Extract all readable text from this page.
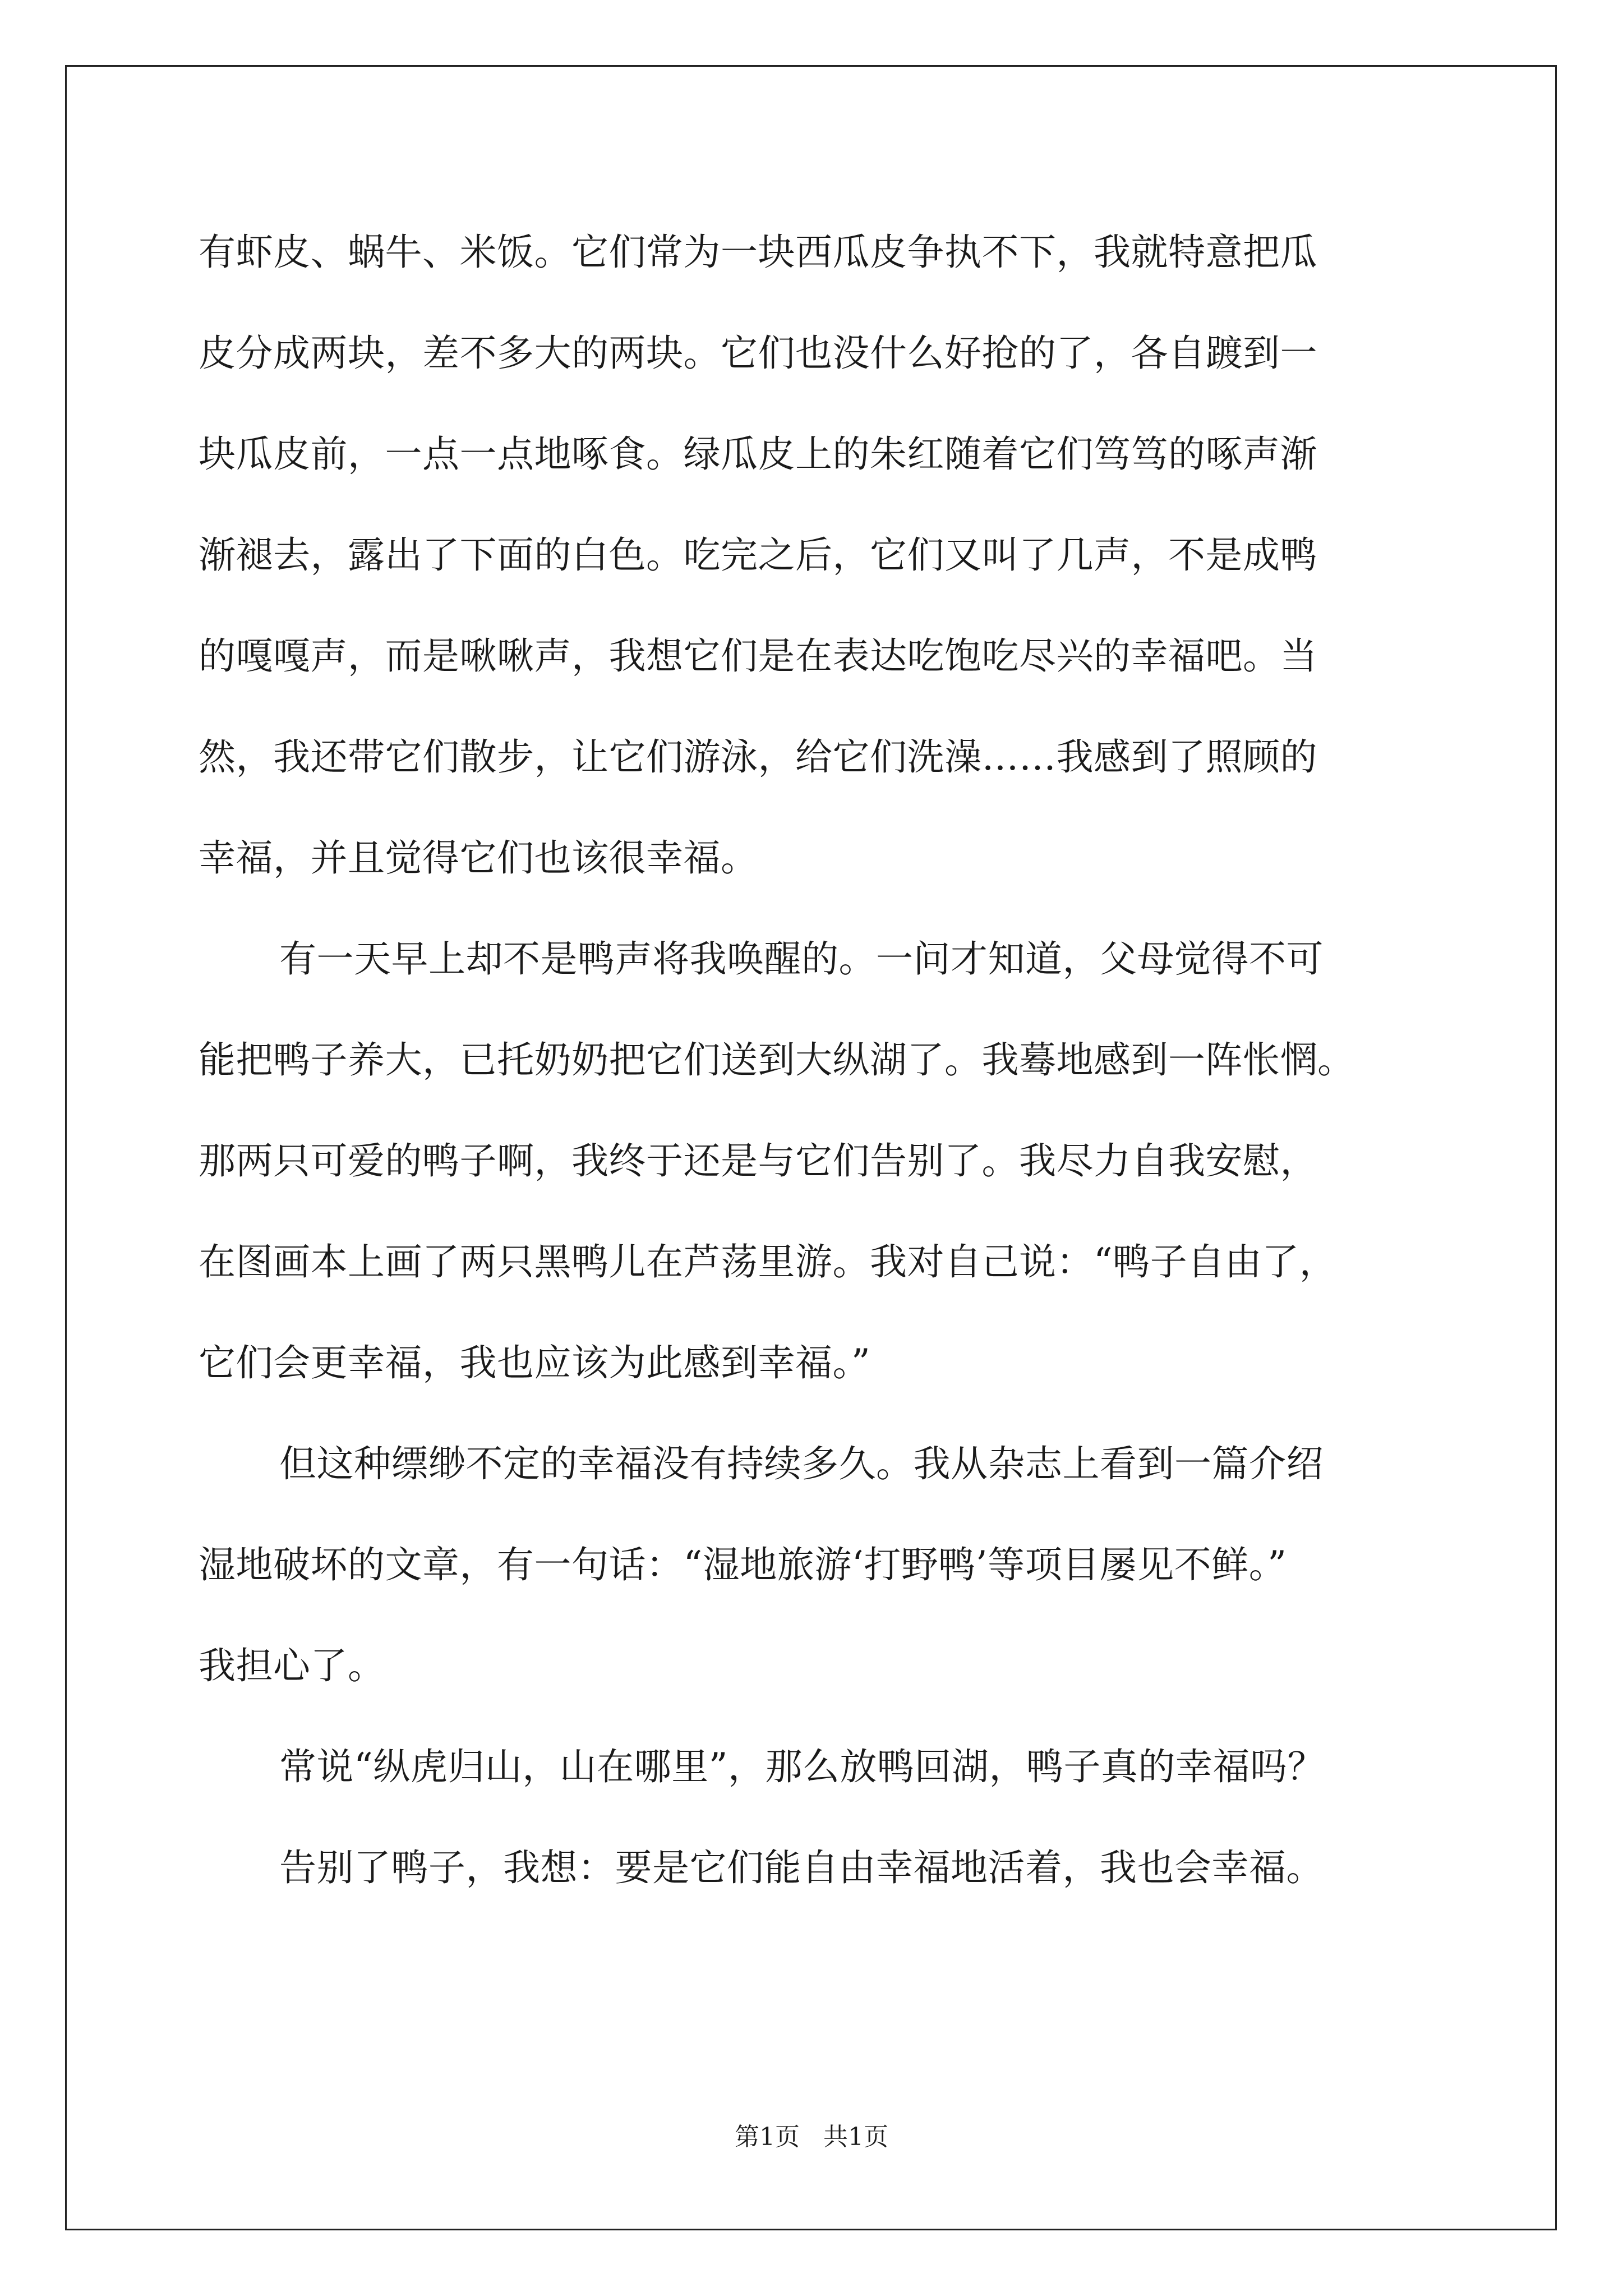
有虾皮、蜗牛、米饭。它们常为一块西瓜皮争执不下，我就特意把瓜

皮分成两块，差不多大的两块。它们也没什么好抢的了，各自踱到一

块瓜皮前，一点一点地啄食。绿瓜皮上的朱红随着它们笃笃的啄声渐

渐褪去，露出了下面的白色。吃完之后，它们又叫了几声，不是成鸭

的嘎嘎声，而是啾啾声，我想它们是在表达吃饱吃尽兴的幸福吧。当

然，我还带它们散步，让它们游泳，给它们洗澡……我感到了照顾的

幸福，并且觉得它们也该很幸福。

有一天早上却不是鸭声将我唤醒的。一问才知道，父母觉得不可

能把鸭子养大，已托奶奶把它们送到大纵湖了。我蓦地感到一阵怅惘。

那两只可爱的鸭子啊，我终于还是与它们告别了。我尽力自我安慰，

在图画本上画了两只黑鸭儿在芦荡里游。我对自己说：“鸭子自由了，

它们会更幸福，我也应该为此感到幸福。”

但这种缥缈不定的幸福没有持续多久。我从杂志上看到一篇介绍

湿地破坏的文章，有一句话：“湿地旅游‘打野鸭’等项目屡见不鲜。”

我担心了。

常说“纵虎归山，山在哪里”，那么放鸭回湖，鸭子真的幸福吗？

告别了鸭子，我想：要是它们能自由幸福地活着，我也会幸福。

第1页   共1页
